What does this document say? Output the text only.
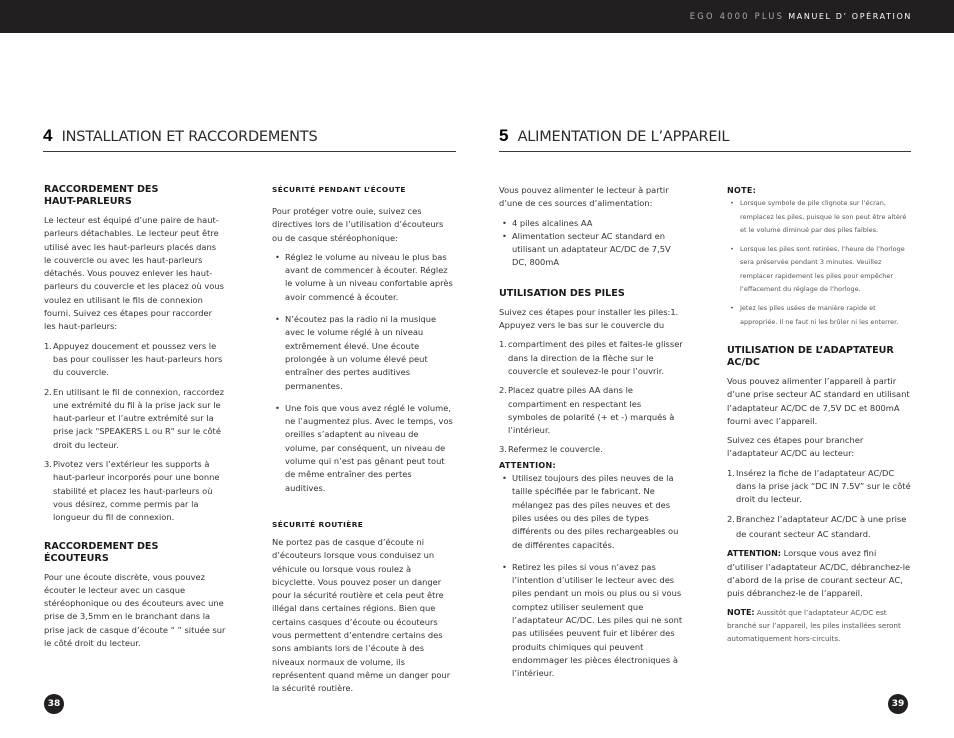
EGO 4000 PLUS MANUEL D’ OPÉRATION
4 INSTALLATION ET RACCORDEMENTS	5 ALIMENTATION DE L’APPAREIL
RACCORDEMENT DES
HAUT-PARLEURS

Le lecteur est équipé d’une paire de haut-parleurs détachables. Le lecteur peut être utilisé avec les haut-parleurs placés dans le couvercle ou avec les haut-parleurs détachés. Vous pouvez enlever les haut-parleurs du couvercle et les placez où vous voulez en utilisant le fils de connexion fourni. Suivez ces étapes pour raccorder les haut-parleurs:

1. Appuyez doucement et poussez vers le bas pour coulisser les haut-parleurs hors du couvercle.
2. En utilisant le fil de connexion, raccordez une extrémité du fil à la prise jack sur le haut-parleur et l’autre extrémité sur la prise jack "SPEAKERS L ou R" sur le côté droit du lecteur.
3. Pivotez vers l’extérieur les supports à haut-parleur incorporés pour une bonne stabilité et placez les haut-parleurs où vous désirez, comme permis par la longueur du fil de connexion.
RACCORDEMENT DES ÉCOUTEURS

Pour une écoute discrète, vous pouvez écouter le lecteur avec un casque stéréophonique ou des écouteurs avec une prise de 3,5mm en le branchant dans la prise jack de casque d’écoute “ ” située sur le côté droit du lecteur.

SÉCURITÉ PENDANT L’ÉCOUTE

Pour protéger votre ouie, suivez ces directives lors de l’utilisation d’écouteurs ou de casque stéréophonique:

• Réglez le volume au niveau le plus bas avant de commencer à écouter. Réglez le volume à un niveau confortable après avoir commencé à écouter.
• N’écoutez pas la radio ni la musique avec le volume réglé à un niveau extrêmement élevé. Une écoute prolongée à un volume élevé peut entraîner des pertes auditives permanentes.
• Une fois que vous avez réglé le volume, ne l’augmentez plus. Avec le temps, vos oreilles s’adaptent au niveau de volume, par conséquent, un niveau de volume qui n’est pas gênant peut tout de même entraîner des pertes auditives.
SÉCURITÉ ROUTIÈRE

Ne portez pas de casque d’écoute ni d’écouteurs lorsque vous conduisez un véhicule ou lorsque vous roulez à bicyclette. Vous pouvez poser un danger pour la sécurité routière et cela peut être illégal dans certaines régions. Bien que certains casques d’écoute ou écouteurs vous permettent d’entendre certains des sons ambiants lors de l’écoute à des niveaux normaux de volume, ils représentent quand même un danger pour la sécurité routière.

Vous pouvez alimenter le lecteur à partir d’une de ces sources d’alimentation:

• 4 piles alcalines AA
• Alimentation secteur AC standard en utilisant un adaptateur AC/DC de 7,5V DC, 800mA
UTILISATION DES PILES

Suivez ces étapes pour installer les piles:1. Appuyez vers le bas sur le couvercle du

1. compartiment des piles et faites-le glisser dans la direction de la flèche sur le couvercle et soulevez-le pour l’ouvrir.
2. Placez quatre piles AA dans le compartiment en respectant les symboles de polarité (+ et -) marqués à l’intérieur.
3. Refermez le couvercle.
ATTENTION:
• Utilisez toujours des piles neuves de la taille spécifiée par le fabricant. Ne mélangez pas des piles neuves et des piles usées ou des piles de types différents ou des piles rechargeables ou de différentes capacités.
• Retirez les piles si vous n’avez pas l’intention d’utiliser le lecteur avec des piles pendant un mois ou plus ou si vous comptez utiliser seulement que l’adaptateur AC/DC. Les piles qui ne sont pas utilisées peuvent fuir et libérer des produits chimiques qui peuvent endommager les pièces électroniques à l’intérieur.
NOTE:
• Lorsque symbole de pile clignote sur l’écran, remplacez les piles, puisque le son peut être altéré et le volume diminué par des piles faibles.
• Lorsque les piles sont retirées, l’heure de l’horloge sera préservée pendant 3 minutes. Veuillez remplacer rapidement les piles pour empêcher l’effacement du réglage de l’horloge.
• Jetez les piles usées de manière rapide et appropriée. Il ne faut ni les brûler ni les enterrer.
UTILISATION DE L’ADAPTATEUR
AC/DC

Vous pouvez alimenter l’appareil à partir d’une prise secteur AC standard en utilisant l’adaptateur AC/DC de 7,5V DC et 800mA fourni avec l’appareil.

Suivez ces étapes pour brancher l’adaptateur AC/DC au lecteur:

1. Insérez la fiche de l’adaptateur AC/DC dans la prise jack “DC IN 7.5V” sur le côté droit du lecteur.
2. Branchez l’adaptateur AC/DC à une prise

de courant secteur AC standard.

ATTENTION: Lorsque vous avez fini d’utiliser l’adaptateur AC/DC, débranchez-le d’abord de la prise de courant secteur AC, puis débranchez-le de l’appareil.

NOTE: Aussitôt que l’adaptateur AC/DC est branché sur l’appareil, les piles installées seront automatiquement hors-circuits.

38	39
